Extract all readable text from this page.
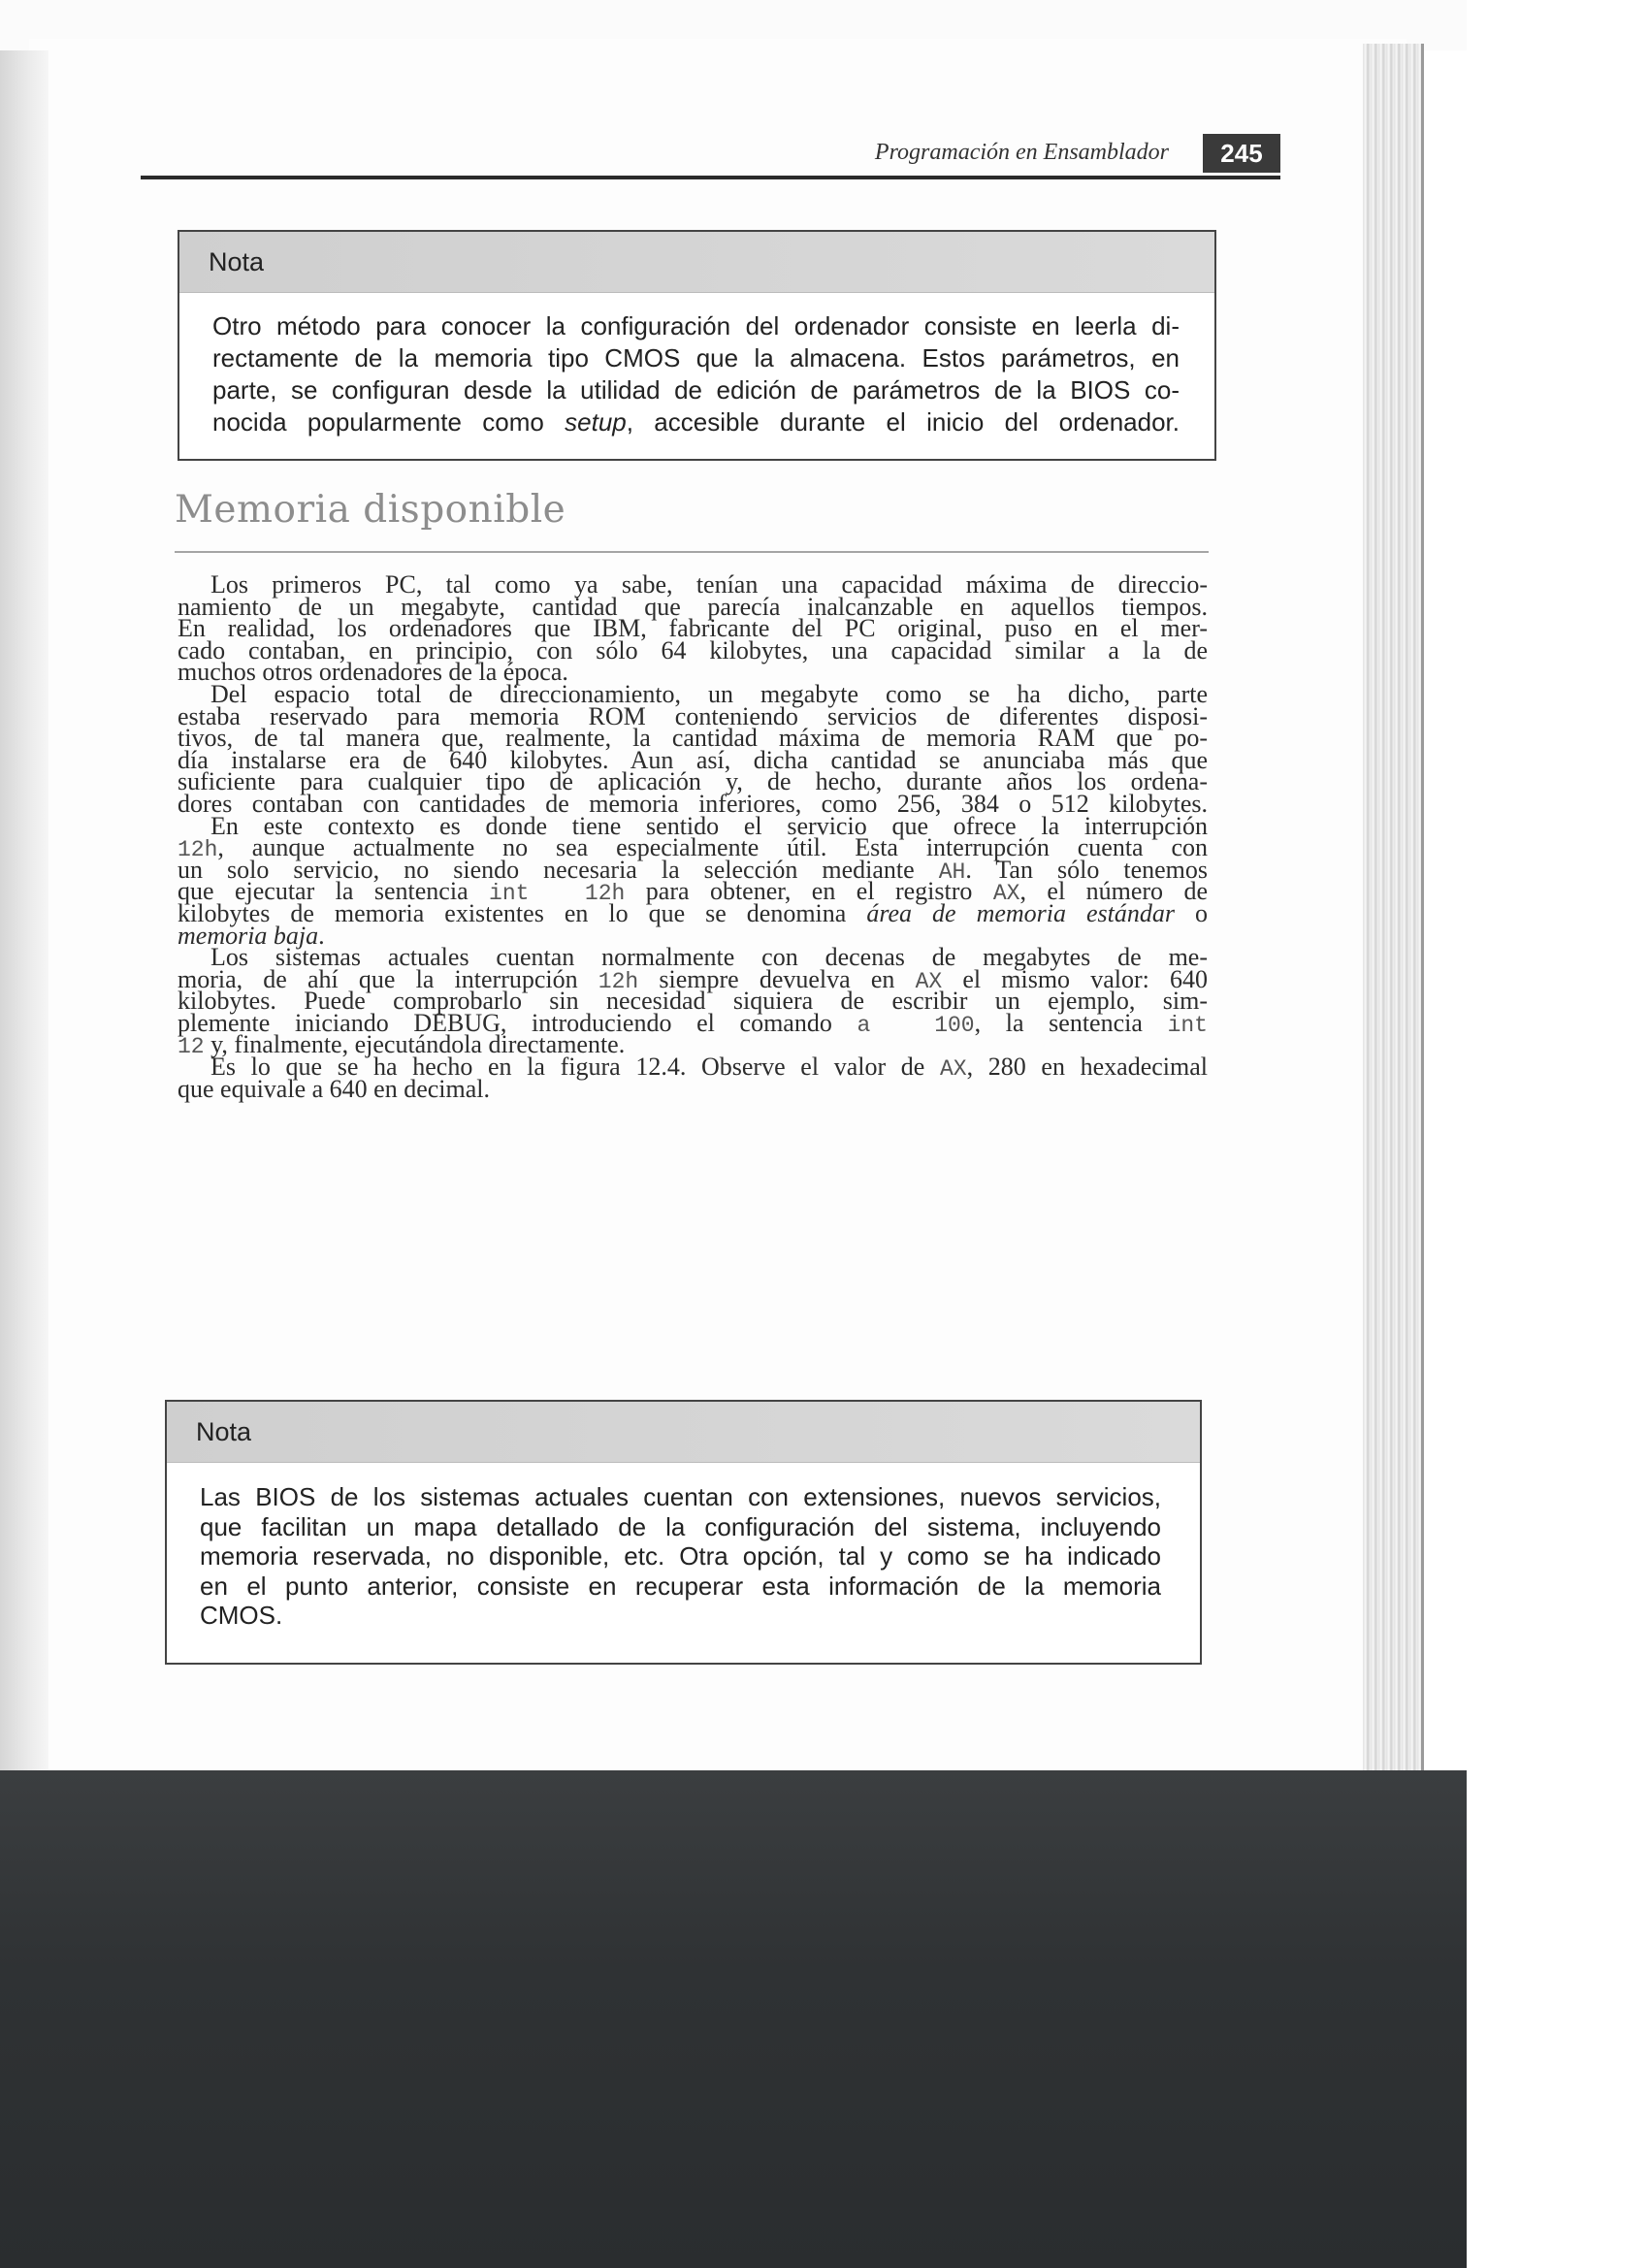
Programación en Ensamblador	245
Nota

Otro método para conocer la configuración del ordenador consiste en leerla di-

rectamente de la memoria tipo CMOS que la almacena. Estos parámetros, en

parte, se configuran desde la utilidad de edición de parámetros de la BIOS co-

nocida popularmente como setup, accesible durante el inicio del ordenador.

Memoria disponible
Los primeros PC, tal como ya sabe, tenían una capacidad máxima de direccio-
namiento de un megabyte, cantidad que parecía inalcanzable en aquellos tiempos.
En realidad, los ordenadores que IBM, fabricante del PC original, puso en el mer-
cado contaban, en principio, con sólo 64 kilobytes, una capacidad similar a la de
muchos otros ordenadores de la época.
Del espacio total de direccionamiento, un megabyte como se ha dicho, parte
estaba reservado para memoria ROM conteniendo servicios de diferentes disposi-
tivos, de tal manera que, realmente, la cantidad máxima de memoria RAM que po-
día instalarse era de 640 kilobytes. Aun así, dicha cantidad se anunciaba más que
suficiente para cualquier tipo de aplicación y, de hecho, durante años los ordena-
dores contaban con cantidades de memoria inferiores, como 256, 384 o 512 kilobytes.
En este contexto es donde tiene sentido el servicio que ofrece la interrupción
12h, aunque actualmente no sea especialmente útil. Esta interrupción cuenta con
un solo servicio, no siendo necesaria la selección mediante AH. Tan sólo tenemos
que ejecutar la sentencia int  12h para obtener, en el registro AX, el número de
kilobytes de memoria existentes en lo que se denomina área de memoria estándar o
memoria baja.
Los sistemas actuales cuentan normalmente con decenas de megabytes de me-
moria, de ahí que la interrupción 12h siempre devuelva en AX el mismo valor: 640
kilobytes. Puede comprobarlo sin necesidad siquiera de escribir un ejemplo, sim-
plemente iniciando DEBUG, introduciendo el comando a  100, la sentencia int
12 y, finalmente, ejecutándola directamente.
Es lo que se ha hecho en la figura 12.4. Observe el valor de AX, 280 en hexadecimal
que equivale a 640 en decimal.
Nota

Las BIOS de los sistemas actuales cuentan con extensiones, nuevos servicios,

que facilitan un mapa detallado de la configuración del sistema, incluyendo

memoria reservada, no disponible, etc. Otra opción, tal y como se ha indicado

en el punto anterior, consiste en recuperar esta información de la memoria

CMOS.
